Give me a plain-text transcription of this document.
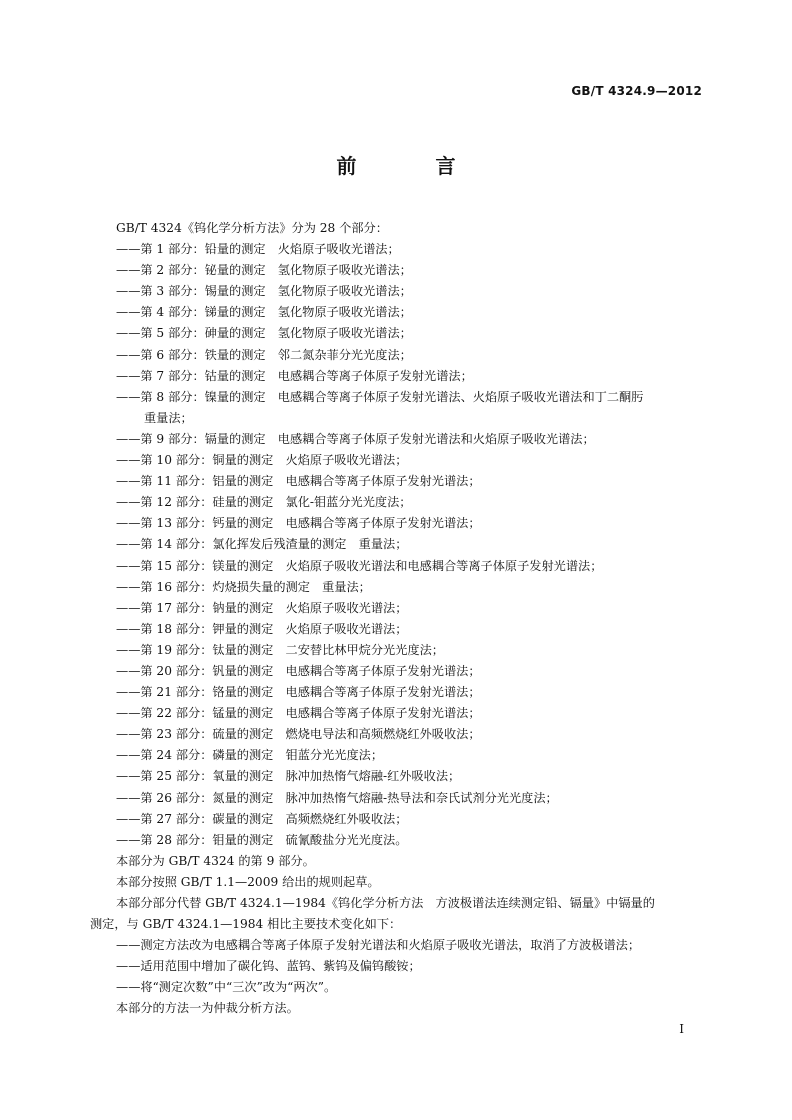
GB/T 4324.9—2012
前 言
GB/T 4324《钨化学分析方法》分为 28 个部分：
——第 1 部分：铅量的测定　火焰原子吸收光谱法；
——第 2 部分：铋量的测定　氢化物原子吸收光谱法；
——第 3 部分：锡量的测定　氢化物原子吸收光谱法；
——第 4 部分：锑量的测定　氢化物原子吸收光谱法；
——第 5 部分：砷量的测定　氢化物原子吸收光谱法；
——第 6 部分：铁量的测定　邻二氮杂菲分光光度法；
——第 7 部分：钴量的测定　电感耦合等离子体原子发射光谱法；
——第 8 部分：镍量的测定　电感耦合等离子体原子发射光谱法、火焰原子吸收光谱法和丁二酮肟
重量法；
——第 9 部分：镉量的测定　电感耦合等离子体原子发射光谱法和火焰原子吸收光谱法；
——第 10 部分：铜量的测定　火焰原子吸收光谱法；
——第 11 部分：铝量的测定　电感耦合等离子体原子发射光谱法；
——第 12 部分：硅量的测定　氯化-钼蓝分光光度法；
——第 13 部分：钙量的测定　电感耦合等离子体原子发射光谱法；
——第 14 部分：氯化挥发后残渣量的测定　重量法；
——第 15 部分：镁量的测定　火焰原子吸收光谱法和电感耦合等离子体原子发射光谱法；
——第 16 部分：灼烧损失量的测定　重量法；
——第 17 部分：钠量的测定　火焰原子吸收光谱法；
——第 18 部分：钾量的测定　火焰原子吸收光谱法；
——第 19 部分：钛量的测定　二安替比林甲烷分光光度法；
——第 20 部分：钒量的测定　电感耦合等离子体原子发射光谱法；
——第 21 部分：铬量的测定　电感耦合等离子体原子发射光谱法；
——第 22 部分：锰量的测定　电感耦合等离子体原子发射光谱法；
——第 23 部分：硫量的测定　燃烧电导法和高频燃烧红外吸收法；
——第 24 部分：磷量的测定　钼蓝分光光度法；
——第 25 部分：氧量的测定　脉冲加热惰气熔融-红外吸收法；
——第 26 部分：氮量的测定　脉冲加热惰气熔融-热导法和奈氏试剂分光光度法；
——第 27 部分：碳量的测定　高频燃烧红外吸收法；
——第 28 部分：钼量的测定　硫氰酸盐分光光度法。
本部分为 GB/T 4324 的第 9 部分。
本部分按照 GB/T 1.1—2009 给出的规则起草。
本部分部分代替 GB/T 4324.1—1984《钨化学分析方法　方波极谱法连续测定铅、镉量》中镉量的
测定，与 GB/T 4324.1—1984 相比主要技术变化如下：
——测定方法改为电感耦合等离子体原子发射光谱法和火焰原子吸收光谱法，取消了方波极谱法；
——适用范围中增加了碳化钨、蓝钨、紫钨及偏钨酸铵；
——将“测定次数”中“三次”改为“两次”。
本部分的方法一为仲裁分析方法。
I
